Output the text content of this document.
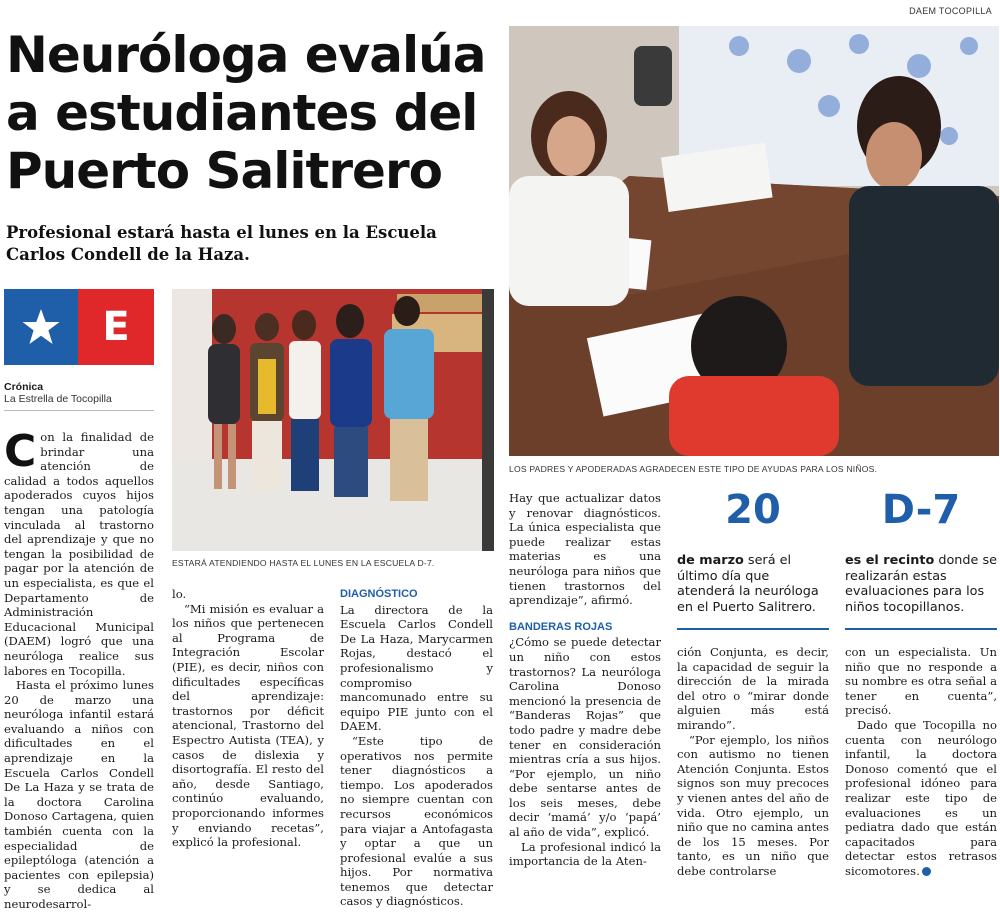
DAEM TOCOPILLA
Neuróloga evalúa a estudiantes del Puerto Salitrero
Profesional estará hasta el lunes en la Escuela Carlos Condell de la Haza.
E
Crónica
La Estrella de Tocopilla

Con la finalidad de brindar una atención de calidad a todos aquellos apoderados cuyos hijos tengan una patología vinculada al trastorno del aprendizaje y que no tengan la posibilidad de pagar por la atención de un especialista, es que el Departamento de Administración Educacional Municipal (DAEM) logró que una neuróloga realice sus labores en Tocopilla.

Hasta el próximo lunes 20 de marzo una neuróloga infantil estará evaluando a niños con dificultades en el aprendizaje en la Escuela Carlos Condell De La Haza y se trata de la doctora Carolina Donoso Cartagena, quien también cuenta con la especialidad de epileptóloga (atención a pacientes con epilepsia) y se dedica al neurodesarrol-

ESTARÁ ATENDIENDO HASTA EL LUNES EN LA ESCUELA D-7.

lo.

“Mi misión es evaluar a los niños que pertenecen al Programa de Integración Escolar (PIE), es decir, niños con dificultades específicas del aprendizaje: trastornos por déficit atencional, Trastorno del Espectro Autista (TEA), y casos de dislexia y disortografía. El resto del año, desde Santiago, continúo evaluando, proporcionando informes y enviando recetas”, explicó la profesional.

DIAGNÓSTICO

La directora de la Escuela Carlos Condell De La Haza, Marycarmen Rojas, destacó el profesionalismo y compromiso mancomunado entre su equipo PIE junto con el DAEM.

“Este tipo de operativos nos permite tener diagnósticos a tiempo. Los apoderados no siempre cuentan con recursos económicos para viajar a Antofagasta y optar a que un profesional evalúe a sus hijos. Por normativa tenemos que detectar casos y diagnósticos.

LOS PADRES Y APODERADAS AGRADECEN ESTE TIPO DE AYUDAS PARA LOS NIÑOS.

Hay que actualizar datos y renovar diagnósticos. La única especialista que puede realizar estas materias es una neuróloga para niños que tienen trastornos del aprendizaje”, afirmó.

BANDERAS ROJAS

¿Cómo se puede detectar un niño con estos trastornos? La neuróloga Carolina Donoso mencionó la presencia de “Banderas Rojas” que todo padre y madre debe tener en consideración mientras cría a sus hijos. “Por ejemplo, un niño debe sentarse antes de los seis meses, debe decir ‘mamá’ y/o ‘papá’ al año de vida”, explicó.

La profesional indicó la importancia de la Aten-

20
de marzo será el último día que atenderá la neuróloga en el Puerto Salitrero.
D-7
es el recinto donde se realizarán estas evaluaciones para los niños tocopillanos.

ción Conjunta, es decir, la capacidad de seguir la dirección de la mirada del otro o “mirar donde alguien más está mirando”.

“Por ejemplo, los niños con autismo no tienen Atención Conjunta. Estos signos son muy precoces y vienen antes del año de vida. Otro ejemplo, un niño que no camina antes de los 15 meses. Por tanto, es un niño que debe controlarse

con un especialista. Un niño que no responde a su nombre es otra señal a tener en cuenta”, precisó.

Dado que Tocopilla no cuenta con neurólogo infantil, la doctora Donoso comentó que el profesional idóneo para realizar este tipo de evaluaciones es un pediatra dado que están capacitados para detectar estos retrasos sicomotores.
